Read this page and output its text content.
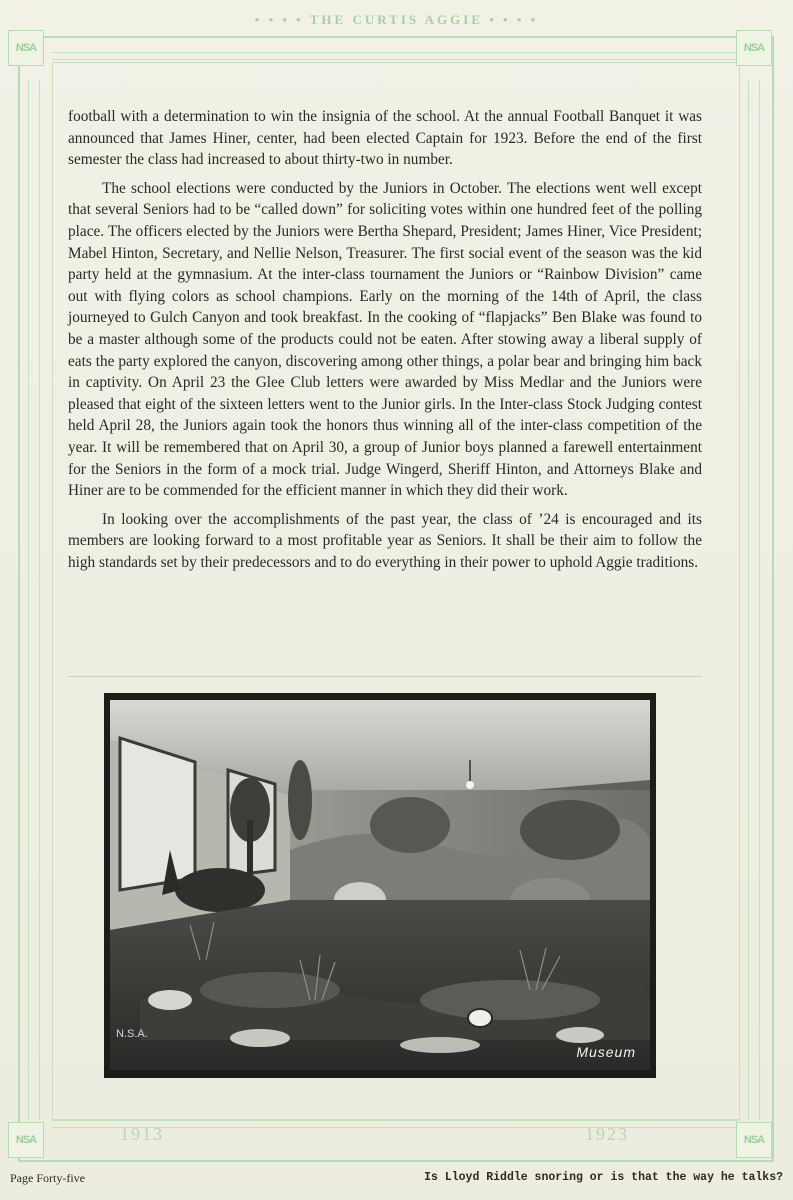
• • • • THE CURTIS AGGIE • • • •
NSA	NSA
NSA	NSA
1913	1923

football with a determination to win the insignia of the school. At the annual Football Banquet it was announced that James Hiner, center, had been elected Captain for 1923. Before the end of the first semester the class had increased to about thirty-two in number.

The school elections were conducted by the Juniors in October. The elections went well except that several Seniors had to be “called down” for soliciting votes within one hundred feet of the polling place. The officers elected by the Juniors were Bertha Shepard, President; James Hiner, Vice President; Mabel Hinton, Secretary, and Nellie Nelson, Treasurer. The first social event of the season was the kid party held at the gymnasium. At the inter-class tournament the Juniors or “Rainbow Division” came out with flying colors as school champions. Early on the morning of the 14th of April, the class journeyed to Gulch Canyon and took breakfast. In the cooking of “flapjacks” Ben Blake was found to be a master although some of the products could not be eaten. After stowing away a liberal supply of eats the party explored the canyon, discovering among other things, a polar bear and bringing him back in captivity. On April 23 the Glee Club letters were awarded by Miss Medlar and the Juniors were pleased that eight of the sixteen letters went to the Junior girls. In the Inter-class Stock Judging contest held April 28, the Juniors again took the honors thus winning all of the inter-class competition of the year. It will be remembered that on April 30, a group of Junior boys planned a farewell entertainment for the Seniors in the form of a mock trial. Judge Wingerd, Sheriff Hinton, and Attorneys Blake and Hiner are to be commended for the efficient manner in which they did their work.

In looking over the accomplishments of the past year, the class of ’24 is encouraged and its members are looking forward to a most profitable year as Seniors. It shall be their aim to follow the high standards set by their predecessors and to do everything in their power to uphold Aggie traditions.

N.S.A.
Museum
Page Forty-five	Is Lloyd Riddle snoring or is that the way he talks?
